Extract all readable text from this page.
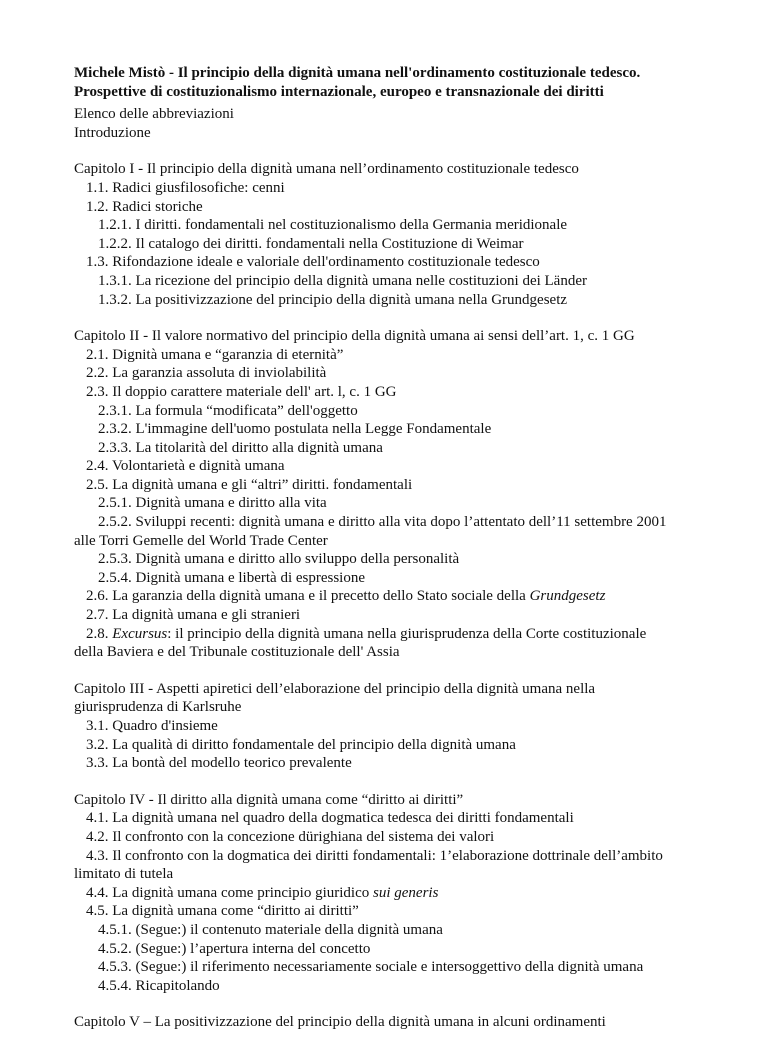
Michele Mistò - Il principio della dignità umana nell'ordinamento costituzionale tedesco.
Prospettive di costituzionalismo internazionale, europeo e transnazionale dei diritti
Elenco delle abbreviazioni
Introduzione
Capitolo I - Il principio della dignità umana nell’ordinamento costituzionale tedesco
1.1. Radici giusfilosofiche: cenni
1.2. Radici storiche
1.2.1. I diritti. fondamentali nel costituzionalismo della Germania meridionale
1.2.2. Il catalogo dei diritti. fondamentali nella Costituzione di Weimar
1.3. Rifondazione ideale e valoriale dell'ordinamento costituzionale tedesco
1.3.1. La ricezione del principio della dignità umana nelle costituzioni dei Länder
1.3.2. La positivizzazione del principio della dignità umana nella Grundgesetz
Capitolo II - Il valore normativo del principio della dignità umana ai sensi dell’art. 1, c. 1 GG
2.1. Dignità umana e “garanzia di eternità”
2.2. La garanzia assoluta di inviolabilità
2.3. Il doppio carattere materiale dell' art. l, c. 1 GG
2.3.1. La formula “modificata” dell'oggetto
2.3.2. L'immagine dell'uomo postulata nella Legge Fondamentale
2.3.3. La titolarità del diritto alla dignità umana
2.4. Volontarietà e dignità umana
2.5. La dignità umana e gli “altri” diritti. fondamentali
2.5.1. Dignità umana e diritto alla vita
2.5.2. Sviluppi recenti: dignità umana e diritto alla vita dopo l’attentato dell’11 settembre 2001
alle Torri Gemelle del World Trade Center
2.5.3. Dignità umana e diritto allo sviluppo della personalità
2.5.4. Dignità umana e libertà di espressione
2.6. La garanzia della dignità umana e il precetto dello Stato sociale della Grundgesetz
2.7. La dignità umana e gli stranieri
2.8. Excursus: il principio della dignità umana nella giurisprudenza della Corte costituzionale
della Baviera e del Tribunale costituzionale dell' Assia
Capitolo III - Aspetti apiretici dell’elaborazione del principio della dignità umana nella
giurisprudenza di Karlsruhe
3.1. Quadro d'insieme
3.2. La qualità di diritto fondamentale del principio della dignità umana
3.3. La bontà del modello teorico prevalente
Capitolo IV - Il diritto alla dignità umana come “diritto ai diritti”
4.1. La dignità umana nel quadro della dogmatica tedesca dei diritti fondamentali
4.2. Il confronto con la concezione dürighiana del sistema dei valori
4.3. Il confronto con la dogmatica dei diritti fondamentali: 1’elaborazione dottrinale dell’ambito
limitato di tutela
4.4. La dignità umana come principio giuridico sui generis
4.5. La dignità umana come “diritto ai diritti”
4.5.1. (Segue:) il contenuto materiale della dignità umana
4.5.2. (Segue:) l’apertura interna del concetto
4.5.3. (Segue:) il riferimento necessariamente sociale e intersoggettivo della dignità umana
4.5.4. Ricapitolando
Capitolo V – La positivizzazione del principio della dignità umana in alcuni ordinamenti
